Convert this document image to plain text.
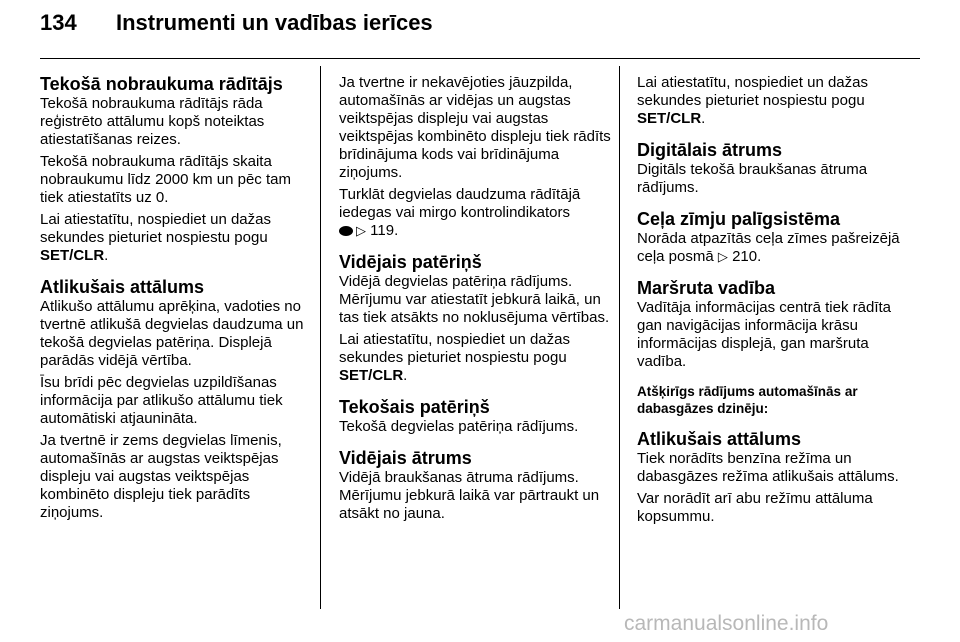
134 Instrumenti un vadības ierīces
Tekošā nobraukuma rādītājs

Tekošā nobraukuma rādītājs rāda reģistrēto attālumu kopš noteiktas atiestatīšanas reizes.

Tekošā nobraukuma rādītājs skaita nobraukumu līdz 2000 km un pēc tam tiek atiestatīts uz 0.

Lai atiestatītu, nospiediet un dažas sekundes pieturiet nospiestu pogu
SET/CLR.

Atlikušais attālums

Atlikušo attālumu aprēķina, vadoties no tvertnē atlikušā degvielas daudzuma un tekošā degvielas patēriņa. Displejā parādās vidējā vērtība.

Īsu brīdi pēc degvielas uzpildīšanas informācija par atlikušo attālumu tiek automātiski atjaunināta.

Ja tvertnē ir zems degvielas līmenis, automašīnās ar augstas veiktspējas displeju vai augstas veiktspējas kombinēto displeju tiek parādīts ziņojums.

Ja tvertne ir nekavējoties jāuzpilda, automašīnās ar vidējas un augstas veiktspējas displeju vai augstas veiktspējas kombinēto displeju tiek rādīts brīdinājuma kods vai brīdinājuma ziņojums.

Turklāt degvielas daudzuma rādītājā iedegas vai mirgo kontrolindikators
▷ 119.

Vidējais patēriņš

Vidējā degvielas patēriņa rādījums. Mērījumu var atiestatīt jebkurā laikā, un tas tiek atsākts no noklusējuma vērtības.

Lai atiestatītu, nospiediet un dažas sekundes pieturiet nospiestu pogu
SET/CLR.

Tekošais patēriņš

Tekošā degvielas patēriņa rādījums.

Vidējais ātrums

Vidējā braukšanas ātruma rādījums. Mērījumu jebkurā laikā var pārtraukt un atsākt no jauna.

Lai atiestatītu, nospiediet un dažas sekundes pieturiet nospiestu pogu
SET/CLR.

Digitālais ātrums

Digitāls tekošā braukšanas ātruma rādījums.

Ceļa zīmju palīgsistēma

Norāda atpazītās ceļa zīmes pašreizējā ceļa posmā ▷ 210.

Maršruta vadība

Vadītāja informācijas centrā tiek rādīta gan navigācijas informācija krāsu informācijas displejā, gan maršruta vadība.

Atšķirīgs rādījums automašīnās ar dabasgāzes dzinēju:
Atlikušais attālums

Tiek norādīts benzīna režīma un dabasgāzes režīma atlikušais attālums.

Var norādīt arī abu režīmu attāluma kopsummu.

carmanualsonline.info
